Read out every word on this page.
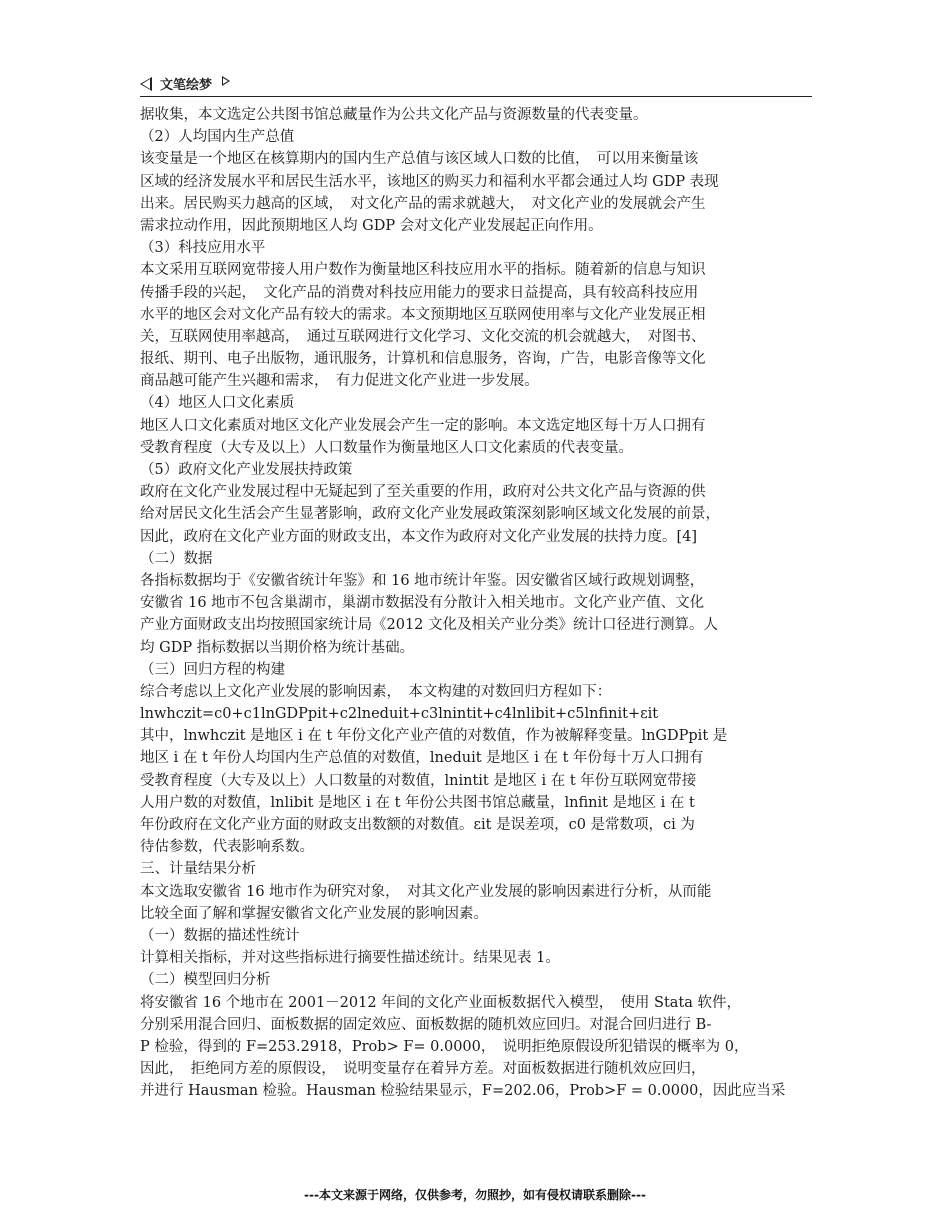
文笔绘梦
据收集，本文选定公共图书馆总藏量作为公共文化产品与资源数量的代表变量。
（2）人均国内生产总值
该变量是一个地区在核算期内的国内生产总值与该区域人口数的比值，　可以用来衡量该
区域的经济发展水平和居民生活水平，该地区的购买力和福利水平都会通过人均 GDP 表现
出来。居民购买力越高的区域，　对文化产品的需求就越大，　对文化产业的发展就会产生
需求拉动作用，因此预期地区人均 GDP 会对文化产业发展起正向作用。
（3）科技应用水平
本文采用互联网宽带接人用户数作为衡量地区科技应用水平的指标。随着新的信息与知识
传播手段的兴起，　文化产品的消费对科技应用能力的要求日益提高，具有较高科技应用
水平的地区会对文化产品有较大的需求。本文预期地区互联网使用率与文化产业发展正相
关，互联网使用率越高，　通过互联网进行文化学习、文化交流的机会就越大，　对图书、
报纸、期刊、电子出版物，通讯服务，计算机和信息服务，咨询，广告，电影音像等文化
商品越可能产生兴趣和需求，　有力促进文化产业进一步发展。
（4）地区人口文化素质
地区人口文化素质对地区文化产业发展会产生一定的影响。本文选定地区每十万人口拥有
受教育程度（大专及以上）人口数量作为衡量地区人口文化素质的代表变量。
（5）政府文化产业发展扶持政策
政府在文化产业发展过程中无疑起到了至关重要的作用，政府对公共文化产品与资源的供
给对居民文化生活会产生显著影响，政府文化产业发展政策深刻影响区域文化发展的前景，
因此，政府在文化产业方面的财政支出，本文作为政府对文化产业发展的扶持力度。[4]
（二）数据
各指标数据均于《安徽省统计年鉴》和 16 地市统计年鉴。因安徽省区域行政规划调整，
安徽省 16 地市不包含巢湖市，巢湖市数据没有分散计入相关地市。文化产业产值、文化
产业方面财政支出均按照国家统计局《2012 文化及相关产业分类》统计口径进行测算。人
均 GDP 指标数据以当期价格为统计基础。
（三）回归方程的构建
综合考虑以上文化产业发展的影响因素，　本文构建的对数回归方程如下：
lnwhczit=c0+c1lnGDPpit+c2lneduit+c3lnintit+c4lnlibit+c5lnfinit+εit
其中，lnwhczit 是地区 i 在 t 年份文化产业产值的对数值，作为被解释变量。lnGDPpit 是
地区 i 在 t 年份人均国内生产总值的对数值，lneduit 是地区 i 在 t 年份每十万人口拥有
受教育程度（大专及以上）人口数量的对数值，lnintit 是地区 i 在 t 年份互联网宽带接
人用户数的对数值，lnlibit 是地区 i 在 t 年份公共图书馆总藏量，lnfinit 是地区 i 在 t
年份政府在文化产业方面的财政支出数额的对数值。εit 是误差项，c0 是常数项，ci 为
待估参数，代表影响系数。
三、计量结果分析
本文选取安徽省 16 地市作为研究对象，　对其文化产业发展的影响因素进行分析，从而能
比较全面了解和掌握安徽省文化产业发展的影响因素。
（一）数据的描述性统计
计算相关指标，并对这些指标进行摘要性描述统计。结果见表 1。
（二）模型回归分析
将安徽省 16 个地市在 2001－2012 年间的文化产业面板数据代入模型，　使用 Stata 软件，
分别采用混合回归、面板数据的固定效应、面板数据的随机效应回归。对混合回归进行 B-
P 检验，得到的 F=253.2918，Prob> F= 0.0000，　说明拒绝原假设所犯错误的概率为 0，
因此，　拒绝同方差的原假设，　说明变量存在着异方差。对面板数据进行随机效应回归，
并进行 Hausman 检验。Hausman 检验结果显示，F=202.06，Prob>F = 0.0000，因此应当采
---本文来源于网络，仅供参考，勿照抄，如有侵权请联系删除---
